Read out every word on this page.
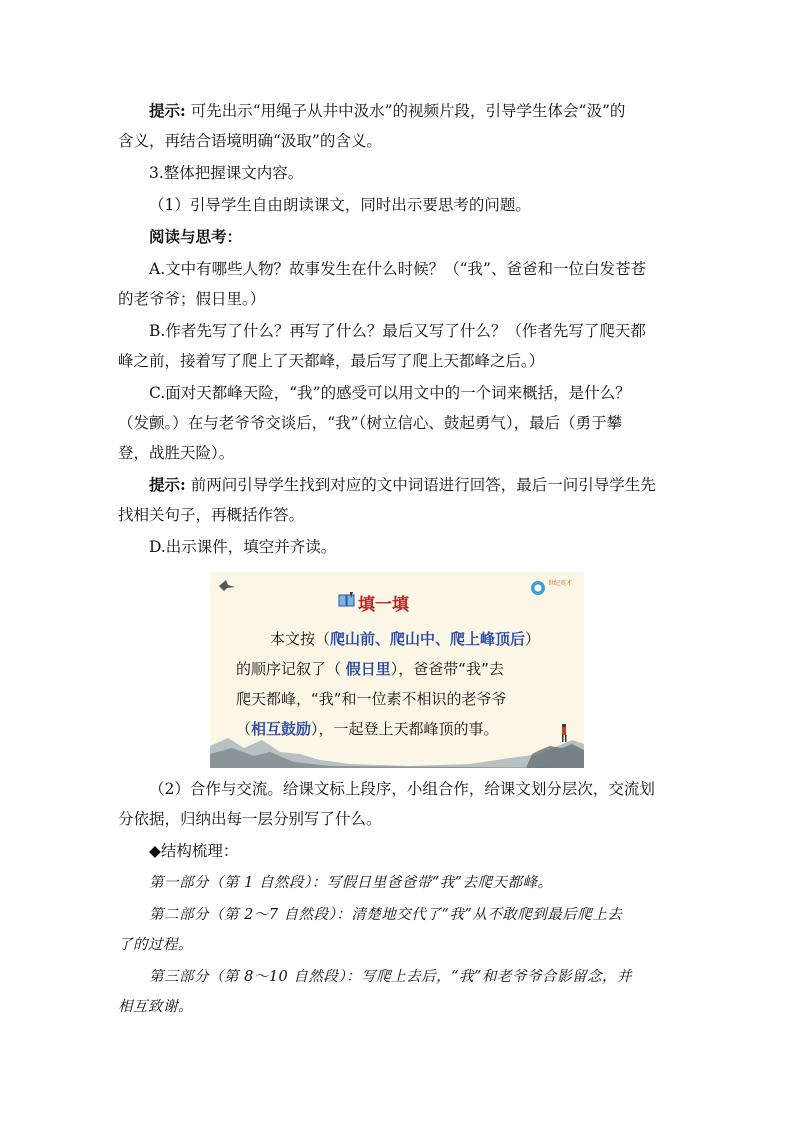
提示: 可先出示“用绳子从井中汲水”的视频片段，引导学生体会“汲”的

含义，再结合语境明确“汲取”的含义。

3.整体把握课文内容。

（1）引导学生自由朗读课文，同时出示要思考的问题。

阅读与思考：

A.文中有哪些人物？故事发生在什么时候？（“我”、爸爸和一位白发苍苍

的老爷爷；假日里。）

B.作者先写了什么？再写了什么？最后又写了什么？（作者先写了爬天都

峰之前，接着写了爬上了天都峰，最后写了爬上天都峰之后。）

C.面对天都峰天险，“我”的感受可以用文中的一个词来概括，是什么？

（发颤。）在与老爷爷交谈后，“我”（树立信心、鼓起勇气），最后（勇于攀

登，战胜天险）。

提示: 前两问引导学生找到对应的文中词语进行回答，最后一问引导学生先

找相关句子，再概括作答。

D.出示课件，填空并齐读。

填一填
世纪英才
本文按（爬山前、爬山中、爬上峰顶后）
的顺序记叙了（ 假日里），爸爸带“我”去
爬天都峰，“我”和一位素不相识的老爷爷
（相互鼓励），一起登上天都峰顶的事。

（2）合作与交流。给课文标上段序，小组合作，给课文划分层次，交流划

分依据，归纳出每一层分别写了什么。

◆结构梳理：

第一部分（第 1 自然段）：写假日里爸爸带“我”去爬天都峰。

第二部分（第 2～7 自然段）：清楚地交代了“我”从不敢爬到最后爬上去

了的过程。

第三部分（第 8～10 自然段）：写爬上去后，“我”和老爷爷合影留念，并

相互致谢。
